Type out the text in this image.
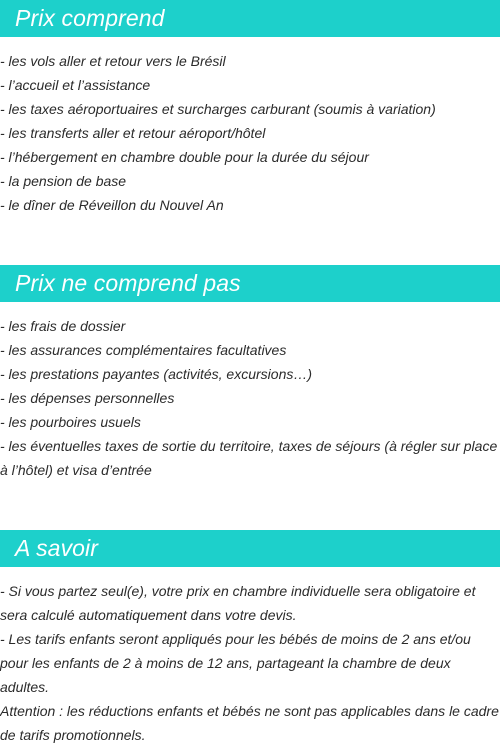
Prix comprend
- les vols aller et retour vers le Brésil
- l’accueil et l’assistance
- les taxes aéroportuaires et surcharges carburant (soumis à variation)
- les transferts aller et retour aéroport/hôtel
- l’hébergement en chambre double pour la durée du séjour
- la pension de base
- le dîner de Réveillon du Nouvel An
Prix ne comprend pas
- les frais de dossier
- les assurances complémentaires facultatives
- les prestations payantes (activités, excursions…)
- les dépenses personnelles
- les pourboires usuels
- les éventuelles taxes de sortie du territoire, taxes de séjours (à régler sur place à l’hôtel) et visa d’entrée
A savoir
- Si vous partez seul(e), votre prix en chambre individuelle sera obligatoire et sera calculé automatiquement dans votre devis.
- Les tarifs enfants seront appliqués pour les bébés de moins de 2 ans et/ou pour les enfants de 2 à moins de 12 ans, partageant la chambre de deux adultes.
Attention : les réductions enfants et bébés ne sont pas applicables dans le cadre de tarifs promotionnels.
